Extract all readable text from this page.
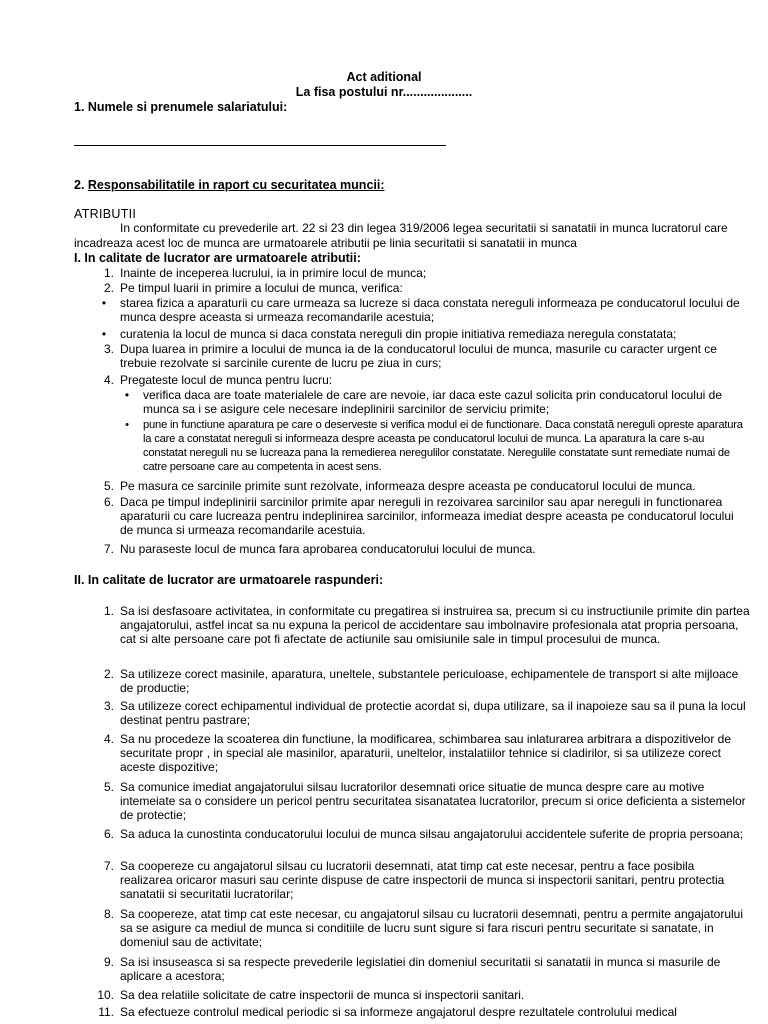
Act aditional
La fisa postului nr....................
1. Numele si prenumele salariatului:
2. Responsabilitatile in raport cu securitatea muncii:
ATRIBUTII
In conformitate cu prevederile art. 22 si 23 din legea 319/2006 legea securitatii si sanatatii in munca lucratorul care incadreaza acest loc de munca are urmatoarele atributii pe linia securitatii si sanatatii in munca
I. In calitate de lucrator are urmatoarele atributii:
1. Inainte de inceperea lucrului, ia in primire locul de munca;
2. Pe timpul luarii in primire a locului de munca, verifica:
•	starea fizica a aparaturii cu care urmeaza sa lucreze si daca constata nereguli informeaza pe conducatorul locului de munca despre aceasta si urmeaza recomandarile acestuia;
•	curatenia la locul de munca si daca constata nereguli din propie initiativa remediaza neregula constatata;
3. Dupa luarea in primire a locului de munca ia de la conducatorul locului de munca, masurile cu caracter urgent ce trebuie rezolvate si sarcinile curente de lucru pe ziua in curs;
4. Pregateste locul de munca pentru lucru:
•	verifica daca are toate materialele de care are nevoie, iar daca este cazul solicita prin conducatorul locului de munca sa i se asigure cele necesare indeplinirii sarcinilor de serviciu primite;
•	pune in functiune aparatura pe care o deserveste si verifica modul ei de functionare. Daca constată nereguli opreste aparatura la care a constatat nereguli si informeaza despre aceasta pe conducatorul locului de munca. La aparatura la care s-au constatat nereguli nu se lucreaza pana la remedierea neregulilor constatate. Neregulile constatate sunt remediate numai de catre persoane care au competenta in acest sens.
5. Pe masura ce sarcinile primite sunt rezolvate, informeaza despre aceasta pe conducatorul locului de munca.
6. Daca pe timpul indeplinirii sarcinilor primite apar nereguli in rezoivarea sarcinilor sau apar nereguli in functionarea aparaturii cu care lucreaza pentru indeplinirea sarcinilor, informeaza imediat despre aceasta pe conducatorul locului de munca si urmeaza recomandarile acestuia.
7. Nu paraseste locul de munca fara aprobarea conducatorului locului de munca.
II. In calitate de lucrator are urmatoarele raspunderi:
1. Sa isi desfasoare activitatea, in conformitate cu pregatirea si instruirea sa, precum si cu instructiunile primite din partea angajatorului, astfel incat sa nu expuna la pericol de accidentare sau imbolnavire profesionala atat propria persoana, cat si alte persoane care pot fi afectate de actiunile sau omisiunile sale in timpul procesului de munca.
2. Sa utilizeze corect masinile, aparatura, uneltele, substantele periculoase, echipamentele de transport si alte mijloace de productie;
3. Sa utilizeze corect echipamentul individual de protectie acordat si, dupa utilizare, sa il inapoieze sau sa il puna la locul destinat pentru pastrare;
4. Sa nu procedeze la scoaterea din functiune, la modificarea, schimbarea sau inlaturarea arbitrara a dispozitivelor de securitate propr , in special ale masinilor, aparaturii, uneltelor, instalatiilor tehnice si cladirilor, si sa utilizeze corect aceste dispozitive;
5. Sa comunice imediat angajatorului silsau lucratorilor desemnati orice situatie de munca despre care au motive intemeiate sa o considere un pericol pentru securitatea sisanatatea lucratorilor, precum si orice deficienta a sistemelor de protectie;
6. Sa aduca la cunostinta conducatorului locului de munca silsau angajatorului accidentele suferite de propria persoana;
7. Sa coopereze cu angajatorul silsau cu lucratorii desemnati, atat timp cat este necesar, pentru a face posibila realizarea oricaror masuri sau cerinte dispuse de catre inspectorii de munca si inspectorii sanitari, pentru protectia sanatatii si securitatii lucratorilar;
8. Sa coopereze, atat timp cat este necesar, cu angajatorul silsau cu lucratorii desemnati, pentru a permite angajatorului sa se asigure ca mediul de munca si conditiile de lucru sunt sigure si fara riscuri pentru securitate si sanatate, in domeniul sau de activitate;
9. Sa isi insuseasca si sa respecte prevederile legislatiei din domeniul securitatii si sanatatii in munca si masurile de aplicare a acestora;
10. Sa dea relatiile solicitate de catre inspectorii de munca si inspectorii sanitari.
11. Sa efectueze controlul medical periodic si sa informeze angajatorul despre rezultatele controlului medical
